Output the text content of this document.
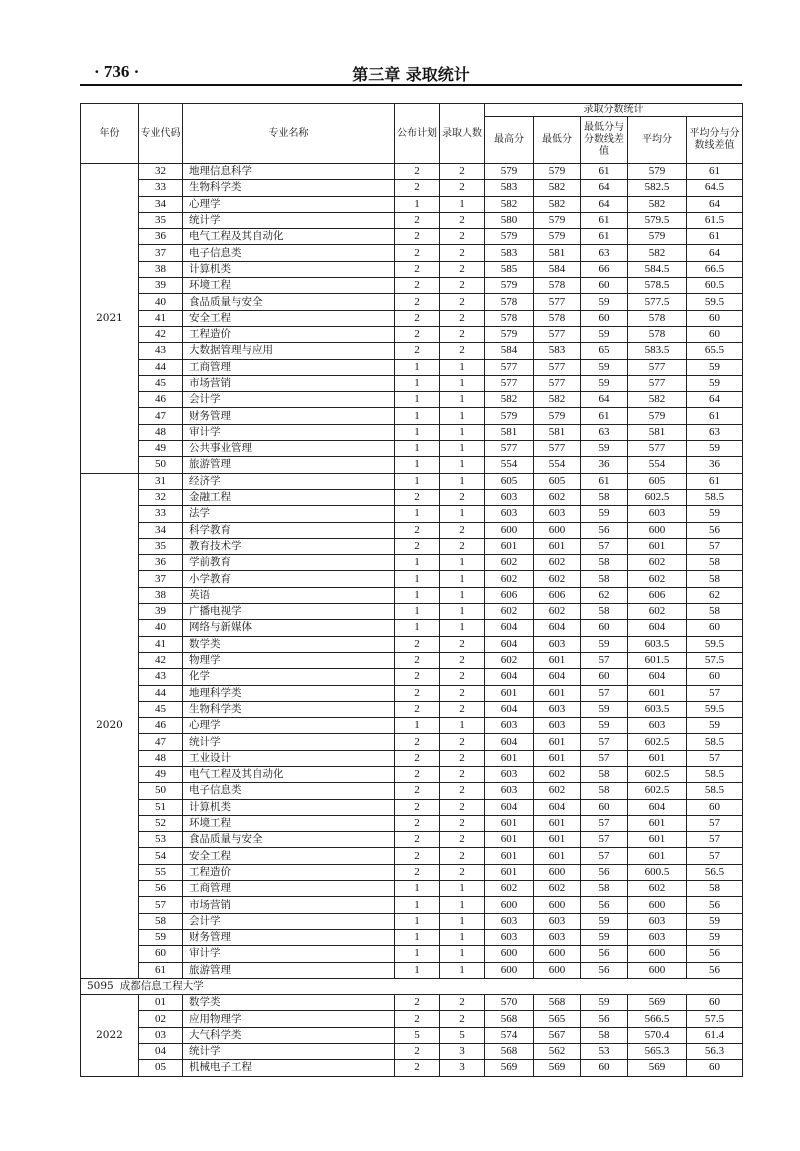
· 736 ·	第三章 录取统计
年份	专业代码	专业名称	公布计划	录取人数	录取分数统计				
					最高分	最低分	最低分与分数线差值	平均分	平均分与分数线差值
2021	32	地理信息科学	2	2	579	579	61	579	61
	33	生物科学类	2	2	583	582	64	582.5	64.5
	34	心理学	1	1	582	582	64	582	64
	35	统计学	2	2	580	579	61	579.5	61.5
	36	电气工程及其自动化	2	2	579	579	61	579	61
	37	电子信息类	2	2	583	581	63	582	64
	38	计算机类	2	2	585	584	66	584.5	66.5
	39	环境工程	2	2	579	578	60	578.5	60.5
	40	食品质量与安全	2	2	578	577	59	577.5	59.5
	41	安全工程	2	2	578	578	60	578	60
	42	工程造价	2	2	579	577	59	578	60
	43	大数据管理与应用	2	2	584	583	65	583.5	65.5
	44	工商管理	1	1	577	577	59	577	59
	45	市场营销	1	1	577	577	59	577	59
	46	会计学	1	1	582	582	64	582	64
	47	财务管理	1	1	579	579	61	579	61
	48	审计学	1	1	581	581	63	581	63
	49	公共事业管理	1	1	577	577	59	577	59
	50	旅游管理	1	1	554	554	36	554	36
2020	31	经济学	1	1	605	605	61	605	61
	32	金融工程	2	2	603	602	58	602.5	58.5
	33	法学	1	1	603	603	59	603	59
	34	科学教育	2	2	600	600	56	600	56
	35	教育技术学	2	2	601	601	57	601	57
	36	学前教育	1	1	602	602	58	602	58
	37	小学教育	1	1	602	602	58	602	58
	38	英语	1	1	606	606	62	606	62
	39	广播电视学	1	1	602	602	58	602	58
	40	网络与新媒体	1	1	604	604	60	604	60
	41	数学类	2	2	604	603	59	603.5	59.5
	42	物理学	2	2	602	601	57	601.5	57.5
	43	化学	2	2	604	604	60	604	60
	44	地理科学类	2	2	601	601	57	601	57
	45	生物科学类	2	2	604	603	59	603.5	59.5
	46	心理学	1	1	603	603	59	603	59
	47	统计学	2	2	604	601	57	602.5	58.5
	48	工业设计	2	2	601	601	57	601	57
	49	电气工程及其自动化	2	2	603	602	58	602.5	58.5
	50	电子信息类	2	2	603	602	58	602.5	58.5
	51	计算机类	2	2	604	604	60	604	60
	52	环境工程	2	2	601	601	57	601	57
	53	食品质量与安全	2	2	601	601	57	601	57
	54	安全工程	2	2	601	601	57	601	57
	55	工程造价	2	2	601	600	56	600.5	56.5
	56	工商管理	1	1	602	602	58	602	58
	57	市场营销	1	1	600	600	56	600	56
	58	会计学	1	1	603	603	59	603	59
	59	财务管理	1	1	603	603	59	603	59
	60	审计学	1	1	600	600	56	600	56
	61	旅游管理	1	1	600	600	56	600	56
5095 成都信息工程大学									
2022	01	数学类	2	2	570	568	59	569	60
	02	应用物理学	2	2	568	565	56	566.5	57.5
	03	大气科学类	5	5	574	567	58	570.4	61.4
	04	统计学	2	3	568	562	53	565.3	56.3
	05	机械电子工程	2	3	569	569	60	569	60
